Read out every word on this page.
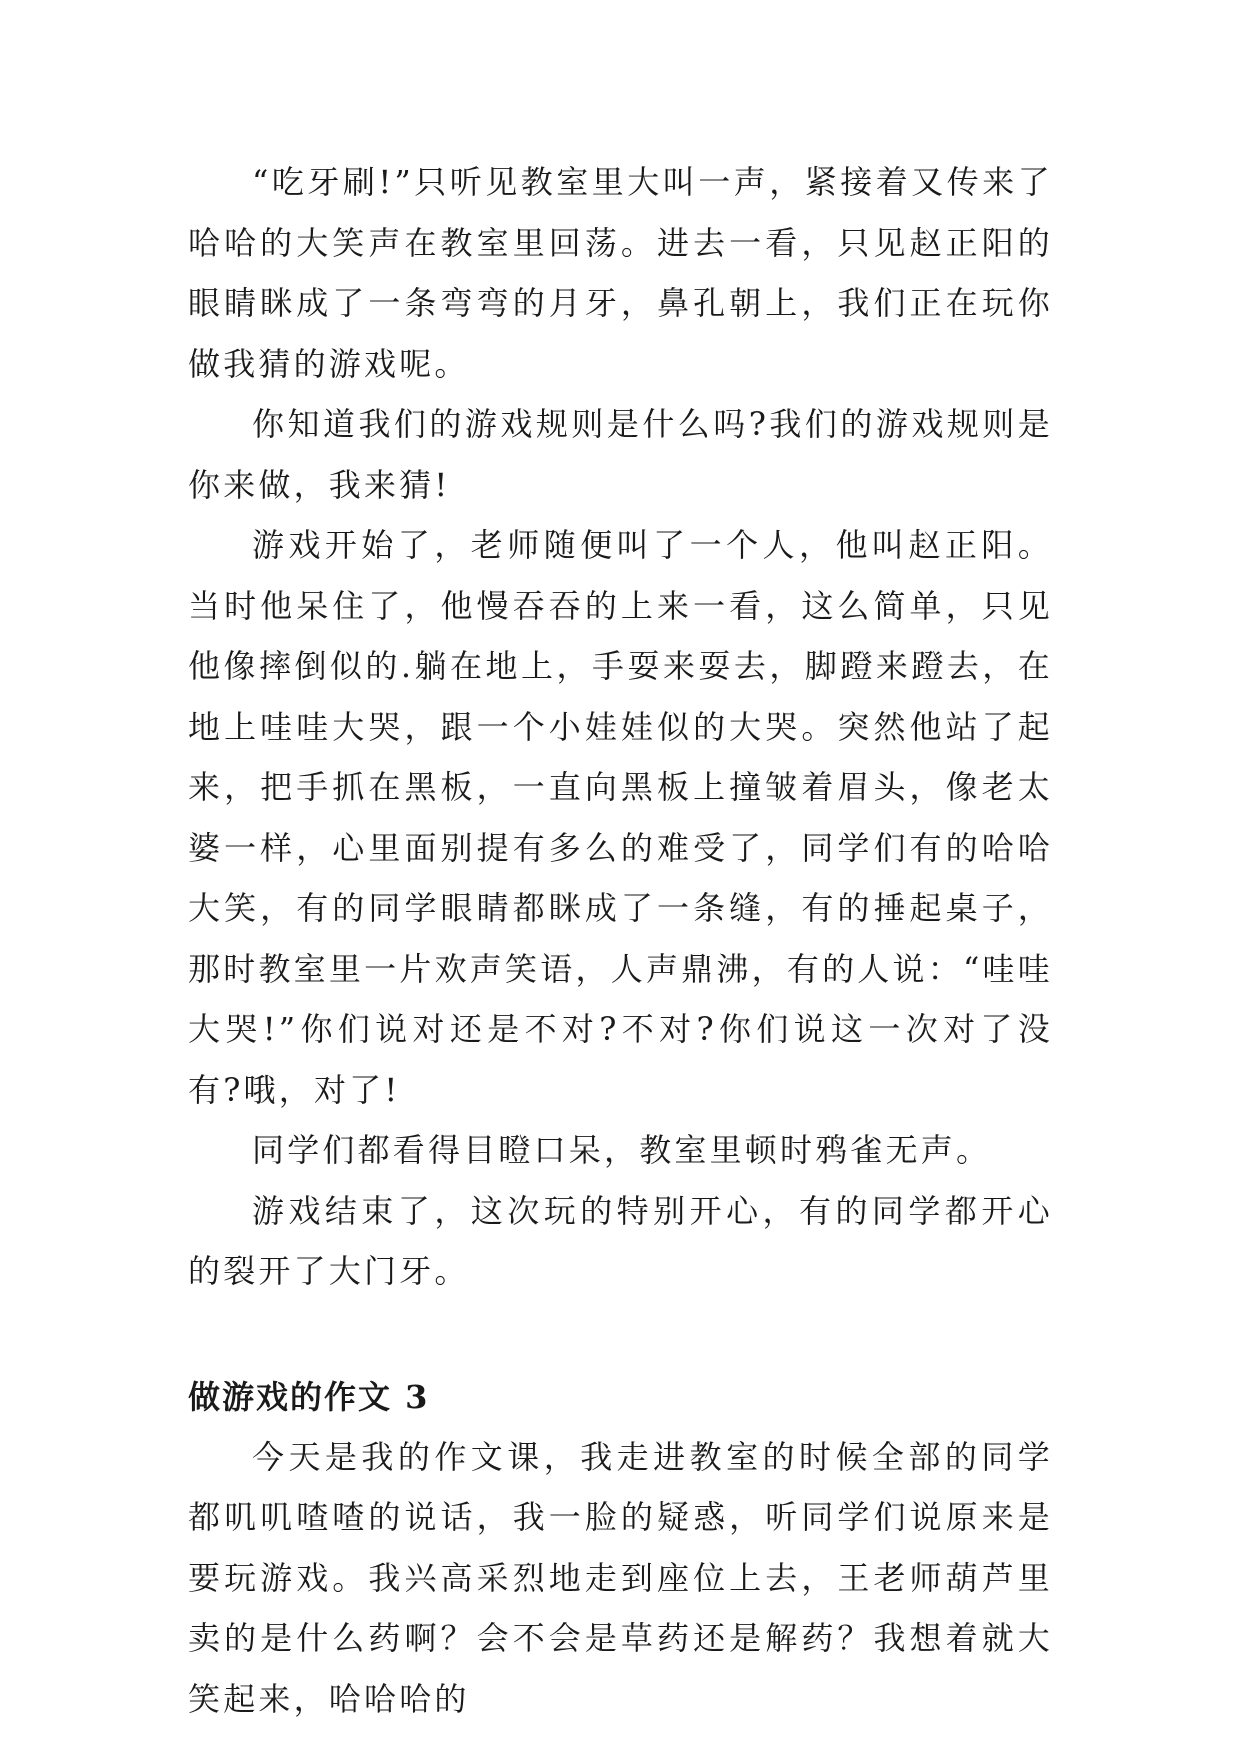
“吃牙刷!”只听见教室里大叫一声，紧接着又传来了哈哈的大笑声在教室里回荡。进去一看，只见赵正阳的眼睛眯成了一条弯弯的月牙，鼻孔朝上，我们正在玩你做我猜的游戏呢。

你知道我们的游戏规则是什么吗?我们的游戏规则是你来做，我来猜!

游戏开始了，老师随便叫了一个人，他叫赵正阳。当时他呆住了，他慢吞吞的上来一看，这么简单，只见他像摔倒似的.躺在地上，手耍来耍去，脚蹬来蹬去，在地上哇哇大哭，跟一个小娃娃似的大哭。突然他站了起来，把手抓在黑板，一直向黑板上撞皱着眉头，像老太婆一样，心里面别提有多么的难受了，同学们有的哈哈大笑，有的同学眼睛都眯成了一条缝，有的捶起桌子，那时教室里一片欢声笑语，人声鼎沸，有的人说：“哇哇大哭!”你们说对还是不对?不对?你们说这一次对了没有?哦，对了!

同学们都看得目瞪口呆，教室里顿时鸦雀无声。

游戏结束了，这次玩的特别开心，有的同学都开心的裂开了大门牙。

做游戏的作文 3

今天是我的作文课，我走进教室的时候全部的同学都叽叽喳喳的说话，我一脸的疑惑，听同学们说原来是要玩游戏。我兴高采烈地走到座位上去，王老师葫芦里卖的是什么药啊？会不会是草药还是解药？我想着就大笑起来，哈哈哈的
